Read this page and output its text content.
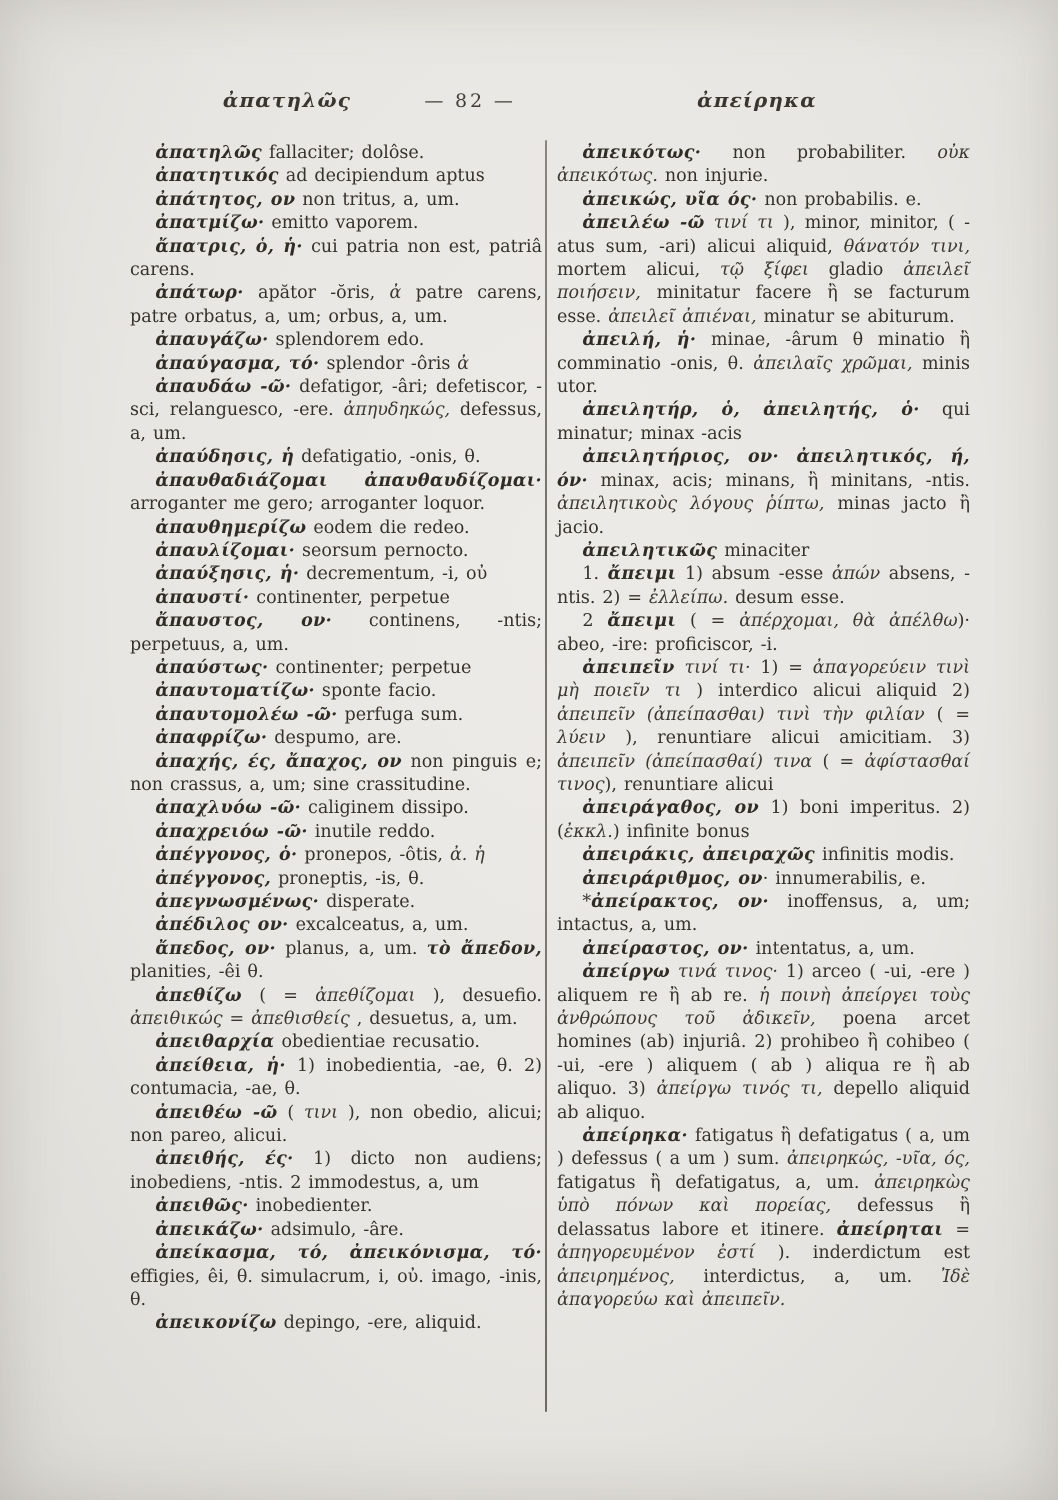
ἀπατηλῶς	— 82 —	ἀπείρηκα

ἀπατηλῶς fallaciter; dolôse.

ἀπατητικός ad decipiendum aptus

ἀπάτητος, ον non tritus, a, um.

ἀπατμίζω· emitto vaporem.

ἄπατρις, ὁ, ἡ· cui patria non est, patriâ carens.

ἀπάτωρ· apător -ŏris, ἀ patre carens, patre orbatus, a, um; orbus, a, um.

ἀπαυγάζω· splendorem edo.

ἀπαύγασμα, τό· splendor -ôris ἀ

ἀπαυδάω -ῶ· defatigor, -âri; defetiscor, -sci, relanguesco, -ere. ἀπηυδηκώς, defessus, a, um.

ἀπαύδησις, ἡ defatigatio, -onis, θ.

ἀπαυθαδιάζομαι ἀπαυθαυδίζομαι· arroganter me gero; arroganter loquor.

ἀπαυθημερίζω eodem die redeo.

ἀπαυλίζομαι· seorsum pernocto.

ἀπαύξησις, ἡ· decrementum, -i, οὐ

ἀπαυστί· continenter, perpetue

ἄπαυστος, ον· continens, -ntis; perpetuus, a, um.

ἀπαύστως· continenter; perpetue

ἀπαυτοματίζω· sponte facio.

ἀπαυτομολέω -ῶ· perfuga sum.

ἀπαφρίζω· despumo, are.

ἀπαχής, ές, ἄπαχος, ον non pinguis e; non crassus, a, um; sine crassitudine.

ἀπαχλυόω -ῶ· caliginem dissipo.

ἀπαχρειόω -ῶ· inutile reddo.

ἀπέγγονος, ὁ· pronepos, -ôtis, ἀ. ἡ

ἀπέγγονος, proneptis, -is, θ.

ἀπεγνωσμένως· disperate.

ἀπέδιλος ον· excalceatus, a, um.

ἄπεδος, ον· planus, a, um. τὸ ἄπεδον, planities, -êi θ.

ἀπεθίζω ( = ἀπεθίζομαι ), desuefio. ἀπειθικώς = ἀπεθισθείς , desuetus, a, um.

ἀπειθαρχία obedientiae recusatio.

ἀπείθεια, ἡ· 1) inobedientia, -ae, θ. 2) contumacia, -ae, θ.

ἀπειθέω -ῶ ( τινι ), non obedio, alicui; non pareo, alicui.

ἀπειθής, ές· 1) dicto non audiens; inobediens, -ntis. 2 immodestus, a, um

ἀπειθῶς· inobedienter.

ἀπεικάζω· adsimulo, -âre.

ἀπείκασμα, τό, ἀπεικόνισμα, τό· effigies, êi, θ. simulacrum, i, οὐ. imago, -inis, θ.

ἀπεικονίζω depingo, -ere, aliquid.

ἀπεικότως· non probabiliter. οὐκ ἀπεικότως. non injurie.

ἀπεικώς, υῖα ός· non probabilis. e.

ἀπειλέω -ῶ τινί τι ), minor, minitor, ( -atus sum, -ari) alicui aliquid, θάνατόν τινι, mortem alicui, τῷ ξίφει gladio ἀπειλεῖ ποιήσειν, minitatur facere ἢ se facturum esse. ἀπειλεῖ ἀπιέναι, minatur se abiturum.

ἀπειλή, ἡ· minae, -ârum θ minatio ἢ comminatio -onis, θ. ἀπειλαῖς χρῶμαι, minis utor.

ἀπειλητήρ, ὁ, ἀπειλητής, ὁ· qui minatur; minax -acis

ἀπειλητήριος, ον· ἀπειλητικός, ή, όν· minax, acis; minans, ἢ minitans, -ntis. ἀπειλητικοὺς λόγους ῥίπτω, minas jacto ἢ jacio.

ἀπειλητικῶς minaciter

1. ἄπειμι 1) absum -esse ἀπών absens, -ntis. 2) = ἐλλείπω. desum esse.

2 ἄπειμι ( = ἀπέρχομαι, θὰ ἀπέλθω)· abeo, -ire: proficiscor, -i.

ἀπειπεῖν τινί τι· 1) = ἀπαγορεύειν τινὶ μὴ ποιεῖν τι ) interdico alicui aliquid 2) ἀπειπεῖν (ἀπείπασθαι) τινὶ τὴν φιλίαν ( = λύειν ), renuntiare alicui amicitiam. 3) ἀπειπεῖν (ἀπείπασθαί) τινα ( = ἀφίστασθαί τινος), renuntiare alicui

ἀπειράγαθος, ον 1) boni imperitus. 2) (ἐκκλ.) infinite bonus

ἀπειράκις, ἀπειραχῶς infinitis modis.

ἀπειράριθμος, ον· innumerabilis, e.

*ἀπείρακτος, ον· inoffensus, a, um; intactus, a, um.

ἀπείραστος, ον· intentatus, a, um.

ἀπείργω τινά τινος· 1) arceo ( -ui, -ere ) aliquem re ἢ ab re. ἡ ποινὴ ἀπείργει τοὺς ἀνθρώπους τοῦ ἀδικεῖν, poena arcet homines (ab) injuriâ. 2) prohibeo ἢ cohibeo ( -ui, -ere ) aliquem ( ab ) aliqua re ἢ ab aliquo. 3) ἀπείργω τινός τι, depello aliquid ab aliquo.

ἀπείρηκα· fatigatus ἢ defatigatus ( a, um ) defessus ( a um ) sum. ἀπειρηκώς, -υῖα, ός, fatigatus ἢ defatigatus, a, um. ἀπειρηκὼς ὑπὸ πόνων καὶ πορείας, defessus ἢ delassatus labore et itinere. ἀπείρηται = ἀπηγορευμένον ἐστί ). inderdictum est ἀπειρημένος, interdictus, a, um. Ἰδὲ ἀπαγορεύω καὶ ἀπειπεῖν.
